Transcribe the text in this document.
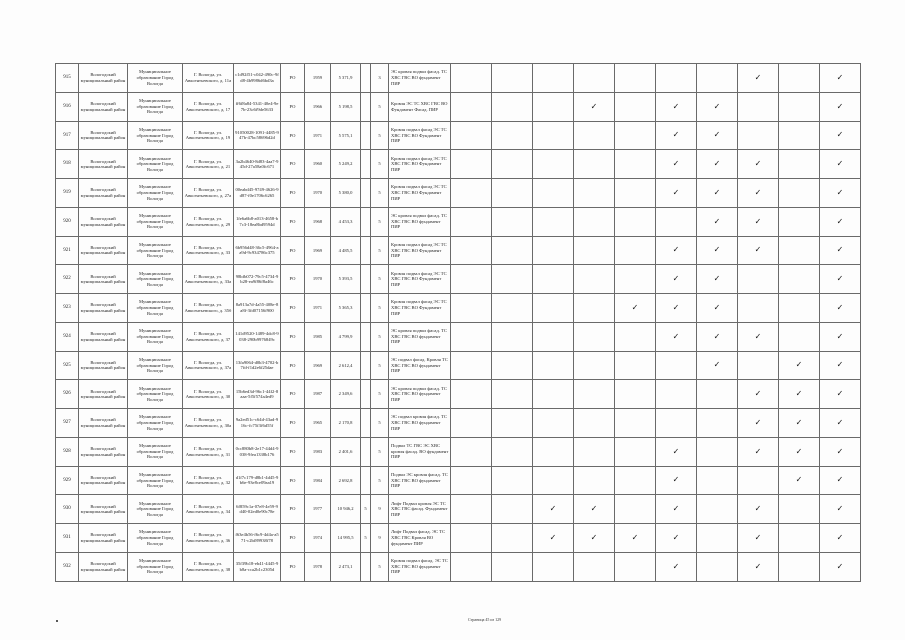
915	Вологодский муниципальный район	Муниципальное образование Город Вологда	Г. Вологда, ул. Авксентьевского, д. 11а	c1d92f51-c042-490c-9fd8-4b9986d6bd3a	РО	1959	5 371,9		3	ЭС кровля подвал фасад. ТС ХВС ГВС ВО фундамент ПИР								✓		✓
916	Вологодский муниципальный район	Муниципальное образование Город Вологда	Г. Вологда, ул. Авксентьевского, д. 17	ff6f8a84-5341-40e4-9e7b-23c6f9de5633	РО	1966	5 198,5		5	Кровля ЭС ТС ХВС ГВС ВО Фундамент Фасад. ПИР				✓		✓	✓			✓
917	Вологодский муниципальный район	Муниципальное образование Город Вологда	Г. Вологда, ул. Авксентьевского, д. 19	91050028-1091-4485-947b-47bc58696d2d	РО	1971	5 575,1		5	Кровля подвал фасад ЭС ТС ХВС ГВС ВО Фундамент ПИР						✓	✓			✓
918	Вологодский муниципальный район	Муниципальное образование Город Вологда	Г. Вологда, ул. Авксентьевского, д. 21	3a2b4640-8d83-4aa7-945d-27a58a0fc671	РО	1960	5 249,2		5	Кровля подвал фасад ЭС ТС ХВС ГВС ВО Фундамент ПИР						✓	✓	✓		✓
919	Вологодский муниципальный район	Муниципальное образование Город Вологда	Г. Вологда, ул. Авксентьевского, д. 27а	00eabd45-9749-4626-9d87-f0e1706c6265	РО	1970	5 380,0		5	Кровля подвал фасад ЭС ТС ХВС ГВС ВО Фундамент ПИР						✓	✓	✓		✓
920	Вологодский муниципальный район	Муниципальное образование Город Вологда	Г. Вологда, ул. Авксентьевского, д. 29	1fe6a6b8-a013-4658-b7c3-18ea8bd9594d	РО	1968	4 453,3		5	ЭС кровля подвал фасад. ТС ХВС ГВС ВО фундамент ПИР							✓	✓		✓
921	Вологодский муниципальный район	Муниципальное образование Город Вологда	Г. Вологда, ул. Авксентьевского, д. 33	6b956d48-36c5-4964-aa9d-9c934786c375	РО	1969	4 485,5		5	Кровля подвал фасад ЭС ТС ХВС ГВС ВО Фундамент ПИР						✓	✓	✓		✓
922	Вологодский муниципальный район	Муниципальное образование Город Вологда	Г. Вологда, ул. Авксентьевского, д. 33а	98bfb072-79c5-4734-9b28-ea9f86f8a46c	РО	1970	5 393,5		5	Кровля подвал фасад ЭС ТС ХВС ГВС ВО Фундамент ПИР						✓	✓			✓
923	Вологодский муниципальный район	Муниципальное образование Город Вологда	Г. Вологда, ул. Авксентьевского, д. 35б	8a913a7d-4a55-408e-8a8f-3fd07156f900	РО	1971	5 365,3		5	Кровля подвал фасад ЭС ТС ХВС ГВС ВО Фундамент ПИР					✓	✓	✓			✓
924	Вологодский муниципальный район	Муниципальное образование Город Вологда	Г. Вологда, ул. Авксентьевского, д. 37	141d9520-1489-4dc8-9038-290b9976849c	РО	1985	4 799,9		5	ЭС кровля подвал фасад. ТС ХВС ГВС ВО фундамент ПИР						✓	✓	✓		✓
925	Вологодский муниципальный район	Муниципальное образование Город Вологда	Г. Вологда, ул. Авксентьевского, д. 37а	13fa9064-d0b3-4702-b7fd-f1d2e6f25dae	РО	1969	2 612,4		5	ЭС подвал фасад. Кровля ТС ХВС ГВС ВО фундамент ПИР							✓		✓	✓
926	Вологодский муниципальный район	Муниципальное образование Город Вологда	Г. Вологда, ул. Авксентьевского, д. 30	15b6ed3d-96c1-44f2-8aaa-5f5f574a4ed9	РО	1987	2 349,6		5	ЭС кровля подвал фасад. ТС ХВС ГВС ВО фундамент ПИР								✓	✓	✓
927	Вологодский муниципальный район	Муниципальное образование Город Вологда	Г. Вологда, ул. Авксентьевского, д. 30а	9a2ed51c-c64d-43ad-916c-fc75f3f6d55f	РО	1965	2 170,8		5	ЭС подвал кровля фасад. ТС ХВС ГВС ВО фундамент ПИР								✓	✓	✓
928	Вологодский муниципальный район	Муниципальное образование Город Вологда	Г. Вологда, ул. Авксентьевского, д. 31	0cc880b8-2e17-44d4-9038-9fea1338b176	РО	1983	2 401,6		5	Подвал ТС ГВС ЭС ХВС кровля фасад. ВО фундамент ПИР						✓		✓	✓	✓
929	Вологодский муниципальный район	Муниципальное образование Город Вологда	Г. Вологда, ул. Авксентьевского, д. 32	d1f7c179-d8b1-4d45-9b6e-93e8ce09aa19	РО	1984	2 692,8		5	Подвал ЭС кровля фасад. ТС ХВС ГВС ВО фундамент ПИР						✓			✓	✓
930	Вологодский муниципальный район	Муниципальное образование Город Вологда	Г. Вологда, ул. Авксентьевского, д. 34	6f859c1a-07e8-4e59-9d40-02ed0e90c78e	РО	1977	10 946,2	5	9	Лифт Подвал кровля ЭС ТС ХВС ГВС фасад. Фундамент ПИР			✓	✓		✓		✓		✓
931	Вологодский муниципальный район	Муниципальное образование Город Вологда	Г. Вологда, ул. Авксентьевского, д. 36	f63e4b56-f6c9-4d4a-a571-c2bf89938f78	РО	1974	14 995,5	5	9	Лифт Подвал фасад. ЭС ТС ХВС ГВС Кровля ВО фундамент ПИР			✓	✓	✓	✓		✓		✓
932	Вологодский муниципальный район	Муниципальное образование Город Вологда	Г. Вологда, ул. Авксентьевского, д. 38	35f39b18-eb41-4445-9b8a-cca2b1c2305d	РО	1978	2 473,1		5	Кровля подвал фасад. ЭС ТС ХВС ГВС ВО фундамент ПИР						✓		✓		✓
Страница 45 из 129
